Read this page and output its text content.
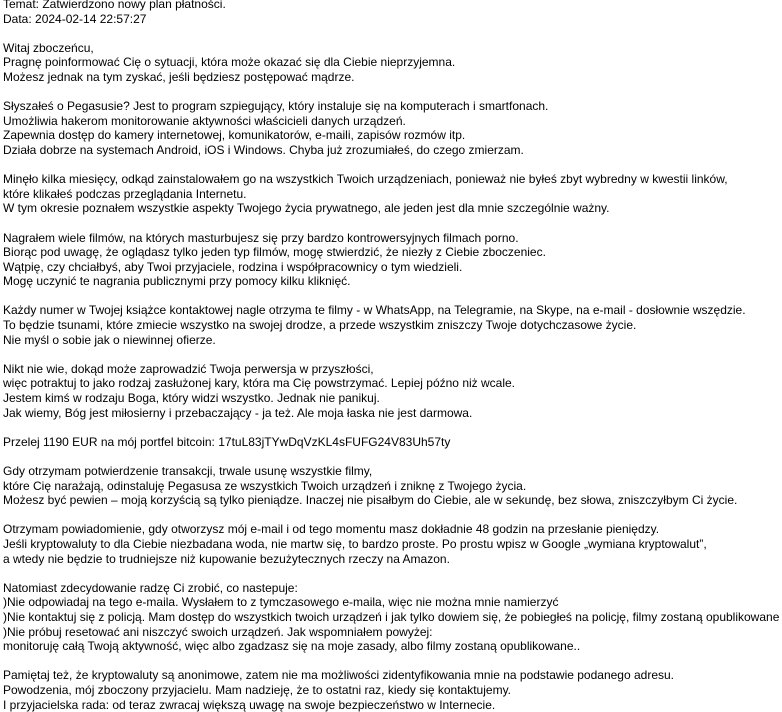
Temat: Zatwierdzono nowy plan płatności.
Data: 2024-02-14 22:57:27
Witaj zboczeńcu,
Pragnę poinformować Cię o sytuacji, która może okazać się dla Ciebie nieprzyjemna.
Możesz jednak na tym zyskać, jeśli będziesz postępować mądrze.
Słyszałeś o Pegasusie? Jest to program szpiegujący, który instaluje się na komputerach i smartfonach.
Umożliwia hakerom monitorowanie aktywności właścicieli danych urządzeń.
Zapewnia dostęp do kamery internetowej, komunikatorów, e-maili, zapisów rozmów itp.
Działa dobrze na systemach Android, iOS i Windows. Chyba już zrozumiałeś, do czego zmierzam.
Minęło kilka miesięcy, odkąd zainstalowałem go na wszystkich Twoich urządzeniach, ponieważ nie byłeś zbyt wybredny w kwestii linków,
które klikałeś podczas przeglądania Internetu.
W tym okresie poznałem wszystkie aspekty Twojego życia prywatnego, ale jeden jest dla mnie szczególnie ważny.
Nagrałem wiele filmów, na których masturbujesz się przy bardzo kontrowersyjnych filmach porno.
Biorąc pod uwagę, że oglądasz tylko jeden typ filmów, mogę stwierdzić, że niezły z Ciebie zboczeniec.
Wątpię, czy chciałbyś, aby Twoi przyjaciele, rodzina i współpracownicy o tym wiedzieli.
Mogę uczynić te nagrania publicznymi przy pomocy kilku kliknięć.
Każdy numer w Twojej książce kontaktowej nagle otrzyma te filmy - w WhatsApp, na Telegramie, na Skype, na e-mail - dosłownie wszędzie.
To będzie tsunami, które zmiecie wszystko na swojej drodze, a przede wszystkim zniszczy Twoje dotychczasowe życie.
Nie myśl o sobie jak o niewinnej ofierze.
Nikt nie wie, dokąd może zaprowadzić Twoja perwersja w przyszłości,
więc potraktuj to jako rodzaj zasłużonej kary, która ma Cię powstrzymać. Lepiej późno niż wcale.
Jestem kimś w rodzaju Boga, który widzi wszystko. Jednak nie panikuj.
Jak wiemy, Bóg jest miłosierny i przebaczający - ja też. Ale moja łaska nie jest darmowa.
Przelej 1190 EUR na mój portfel bitcoin: 17tuL83jTYwDqVzKL4sFUFG24V83Uh57ty
Gdy otrzymam potwierdzenie transakcji, trwale usunę wszystkie filmy,
które Cię narażają, odinstaluję Pegasusa ze wszystkich Twoich urządzeń i zniknę z Twojego życia.
Możesz być pewien – moją korzyścią są tylko pieniądze. Inaczej nie pisałbym do Ciebie, ale w sekundę, bez słowa, zniszczyłbym Ci życie.
Otrzymam powiadomienie, gdy otworzysz mój e-mail i od tego momentu masz dokładnie 48 godzin na przesłanie pieniędzy.
Jeśli kryptowaluty to dla Ciebie niezbadana woda, nie martw się, to bardzo proste. Po prostu wpisz w Google „wymiana kryptowalut”,
a wtedy nie będzie to trudniejsze niż kupowanie bezużytecznych rzeczy na Amazon.
Natomiast zdecydowanie radzę Ci zrobić, co nastepuje:
)Nie odpowiadaj na tego e-maila. Wysłałem to z tymczasowego e-maila, więc nie można mnie namierzyć
)Nie kontaktuj się z policją. Mam dostęp do wszystkich twoich urządzeń i jak tylko dowiem się, że pobiegłeś na policję, filmy zostaną opublikowane
)Nie próbuj resetować ani niszczyć swoich urządzeń. Jak wspomniałem powyżej:
monitoruję całą Twoją aktywność, więc albo zgadzasz się na moje zasady, albo filmy zostaną opublikowane..
Pamiętaj też, że kryptowaluty są anonimowe, zatem nie ma możliwości zidentyfikowania mnie na podstawie podanego adresu.
Powodzenia, mój zboczony przyjacielu. Mam nadzieję, że to ostatni raz, kiedy się kontaktujemy.
I przyjacielska rada: od teraz zwracaj większą uwagę na swoje bezpieczeństwo w Internecie.
